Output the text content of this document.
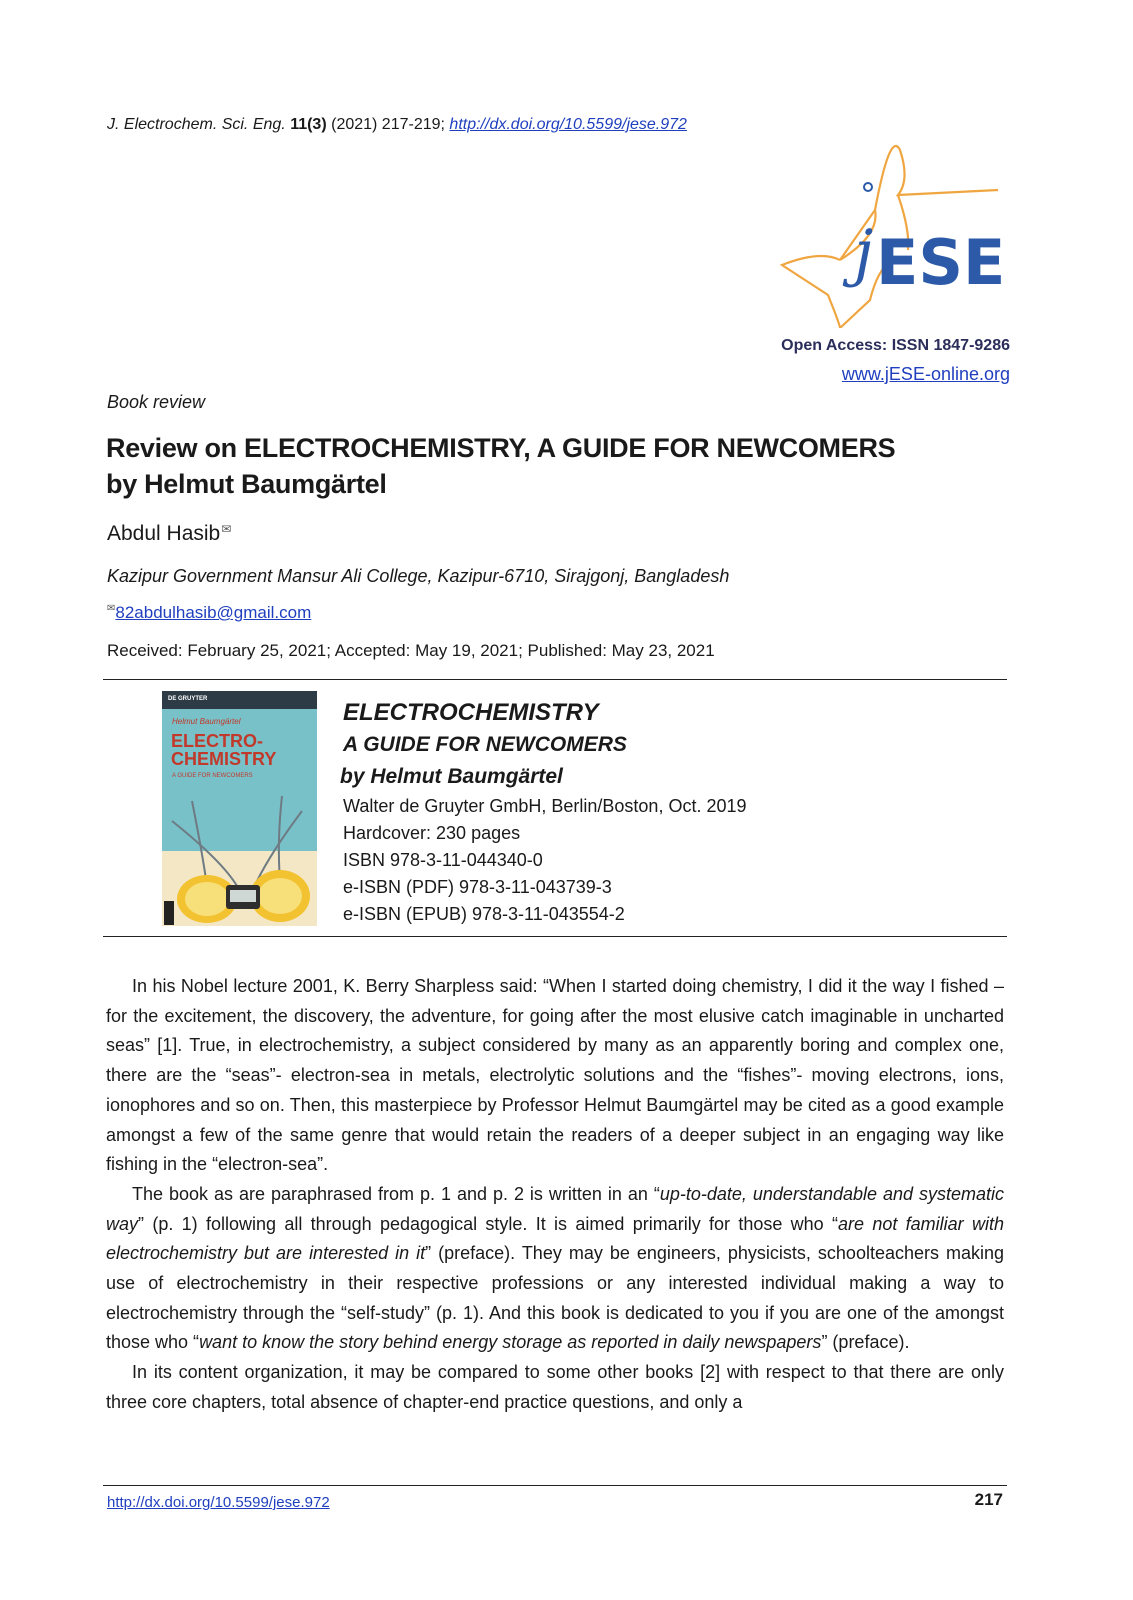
J. Electrochem. Sci. Eng. 11(3) (2021) 217-219; http://dx.doi.org/10.5599/jese.972
j ESE
Open Access: ISSN 1847-9286
www.jESE-online.org
Book review
Review on ELECTROCHEMISTRY, A GUIDE FOR NEWCOMERS
by Helmut Baumgärtel
Abdul Hasib✉
Kazipur Government Mansur Ali College, Kazipur-6710, Sirajgonj, Bangladesh
✉82abdulhasib@gmail.com
Received: February 25, 2021; Accepted: May 19, 2021; Published: May 23, 2021
DE GRUYTER
Helmut Baumgärtel
ELECTRO-
CHEMISTRY
A GUIDE FOR NEWCOMERS
ELECTROCHEMISTRY
A GUIDE FOR NEWCOMERS
by Helmut Baumgärtel
Walter de Gruyter GmbH, Berlin/Boston, Oct. 2019
Hardcover: 230 pages
ISBN 978-3-11-044340-0
e-ISBN (PDF) 978-3-11-043739-3
e-ISBN (EPUB) 978-3-11-043554-2

In his Nobel lecture 2001, K. Berry Sharpless said: “When I started doing chemistry, I did it the way I fished – for the excitement, the discovery, the adventure, for going after the most elusive catch imaginable in uncharted seas” [1]. True, in electrochemistry, a subject considered by many as an apparently boring and complex one, there are the “seas”- electron-sea in metals, electrolytic solutions and the “fishes”- moving electrons, ions, ionophores and so on. Then, this masterpiece by Professor Helmut Baumgärtel may be cited as a good example amongst a few of the same genre that would retain the readers of a deeper subject in an engaging way like fishing in the “electron-sea”.

The book as are paraphrased from p. 1 and p. 2 is written in an “up-to-date, understandable and systematic way” (p. 1) following all through pedagogical style. It is aimed primarily for those who “are not familiar with electrochemistry but are interested in it” (preface). They may be engineers, physicists, schoolteachers making use of electrochemistry in their respective professions or any interested individual making a way to electrochemistry through the “self-study” (p. 1). And this book is dedicated to you if you are one of the amongst those who “want to know the story behind energy storage as reported in daily newspapers” (preface).

In its content organization, it may be compared to some other books [2] with respect to that there are only three core chapters, total absence of chapter-end practice questions, and only a

http://dx.doi.org/10.5599/jese.972	217
